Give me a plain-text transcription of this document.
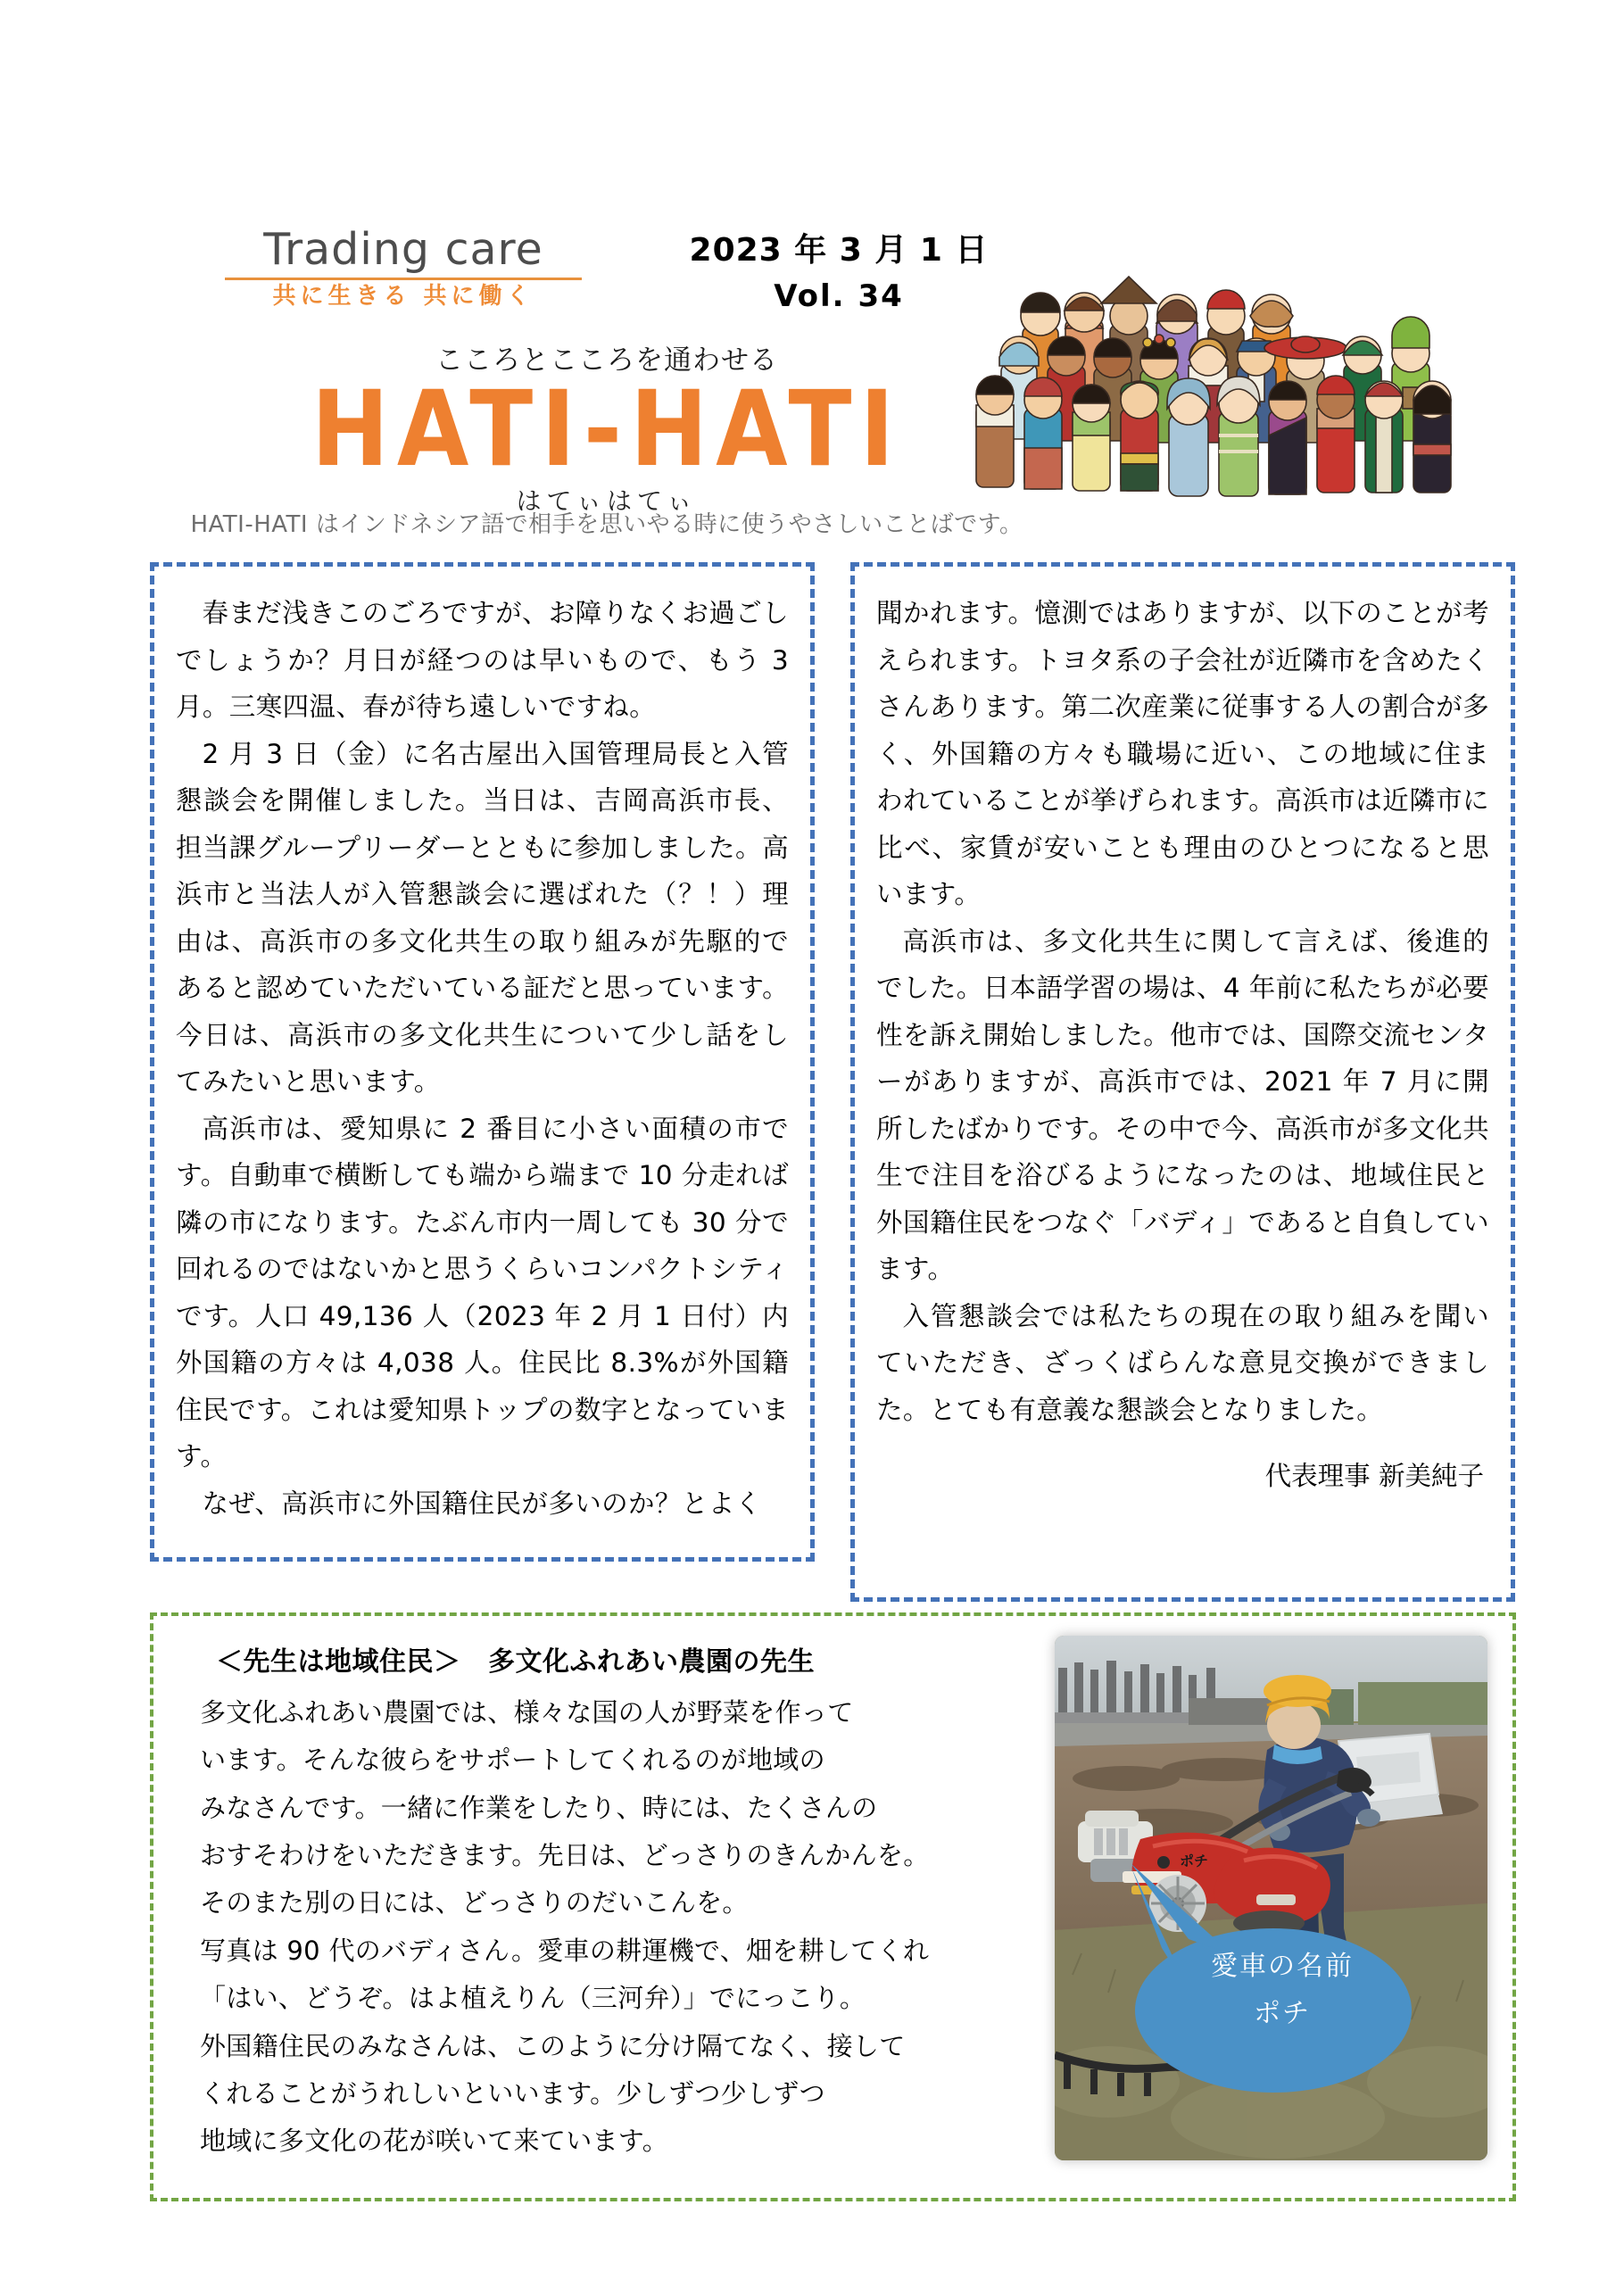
Trading care
共に生きる 共に働く
2023 年 3 月 1 日
Vol. 34
こころとこころを通わせる
HATI-HATI
はてぃはてぃ
HATI-HATI はインドネシア語で相手を思いやる時に使うやさしいことばです。

春まだ浅きこのごろですが、お障りなくお過ごしでしょうか？月日が経つのは早いもので、もう 3 月。三寒四温、春が待ち遠しいですね。

2 月 3 日（金）に名古屋出入国管理局長と入管懇談会を開催しました。当日は、吉岡高浜市長、担当課グループリーダーとともに参加しました。高浜市と当法人が入管懇談会に選ばれた（？！）理由は、高浜市の多文化共生の取り組みが先駆的であると認めていただいている証だと思っています。今日は、高浜市の多文化共生について少し話をしてみたいと思います。

高浜市は、愛知県に 2 番目に小さい面積の市です。自動車で横断しても端から端まで 10 分走れば隣の市になります。たぶん市内一周しても 30 分で回れるのではないかと思うくらいコンパクトシティです。人口 49,136 人（2023 年 2 月 1 日付）内外国籍の方々は 4,038 人。住民比 8.3%が外国籍住民です。これは愛知県トップの数字となっています。

なぜ、高浜市に外国籍住民が多いのか？とよく

聞かれます。憶測ではありますが、以下のことが考えられます。トヨタ系の子会社が近隣市を含めたくさんあります。第二次産業に従事する人の割合が多く、外国籍の方々も職場に近い、この地域に住まわれていることが挙げられます。高浜市は近隣市に比べ、家賃が安いことも理由のひとつになると思います。

高浜市は、多文化共生に関して言えば、後進的でした。日本語学習の場は、4 年前に私たちが必要性を訴え開始しました。他市では、国際交流センターがありますが、高浜市では、2021 年 7 月に開所したばかりです。その中で今、高浜市が多文化共生で注目を浴びるようになったのは、地域住民と外国籍住民をつなぐ「バディ」であると自負しています。

入管懇談会では私たちの現在の取り組みを聞いていただき、ざっくばらんな意見交換ができました。とても有意義な懇談会となりました。

代表理事 新美純子
＜先生は地域住民＞　多文化ふれあい農園の先生
多文化ふれあい農園では、様々な国の人が野菜を作って
います。そんな彼らをサポートしてくれるのが地域の
みなさんです。一緒に作業をしたり、時には、たくさんの
おすそわけをいただきます。先日は、どっさりのきんかんを。
そのまた別の日には、どっさりのだいこんを。
写真は 90 代のバディさん。愛車の耕運機で、畑を耕してくれ
「はい、どうぞ。はよ植えりん（三河弁）」でにっこり。
外国籍住民のみなさんは、このように分け隔てなく、接して
くれることがうれしいといいます。少しずつ少しずつ
地域に多文化の花が咲いて来ています。
ポチ
愛車の名前
ポチ
